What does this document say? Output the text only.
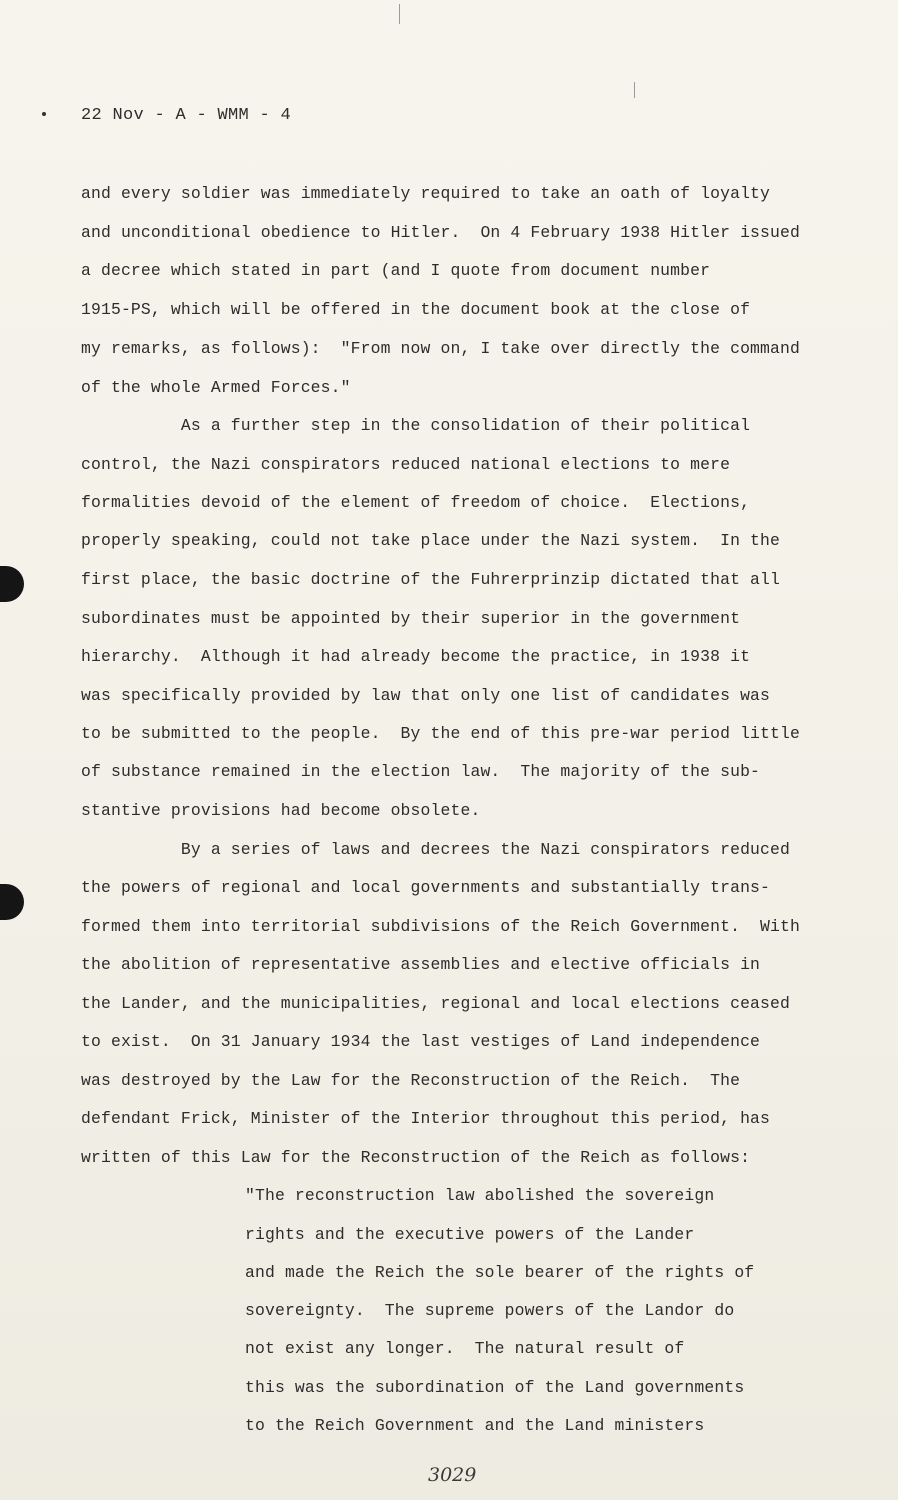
22 Nov - A - WMM - 4
and every soldier was immediately required to take an oath of loyalty
and unconditional obedience to Hitler.  On 4 February 1938 Hitler issued
a decree which stated in part (and I quote from document number
1915-PS, which will be offered in the document book at the close of
my remarks, as follows):  "From now on, I take over directly the command
of the whole Armed Forces."
As a further step in the consolidation of their political
control, the Nazi conspirators reduced national elections to mere
formalities devoid of the element of freedom of choice.  Elections,
properly speaking, could not take place under the Nazi system.  In the
first place, the basic doctrine of the Fuhrerprinzip dictated that all
subordinates must be appointed by their superior in the government
hierarchy.  Although it had already become the practice, in 1938 it
was specifically provided by law that only one list of candidates was
to be submitted to the people.  By the end of this pre-war period little
of substance remained in the election law.  The majority of the sub-
stantive provisions had become obsolete.
By a series of laws and decrees the Nazi conspirators reduced
the powers of regional and local governments and substantially trans-
formed them into territorial subdivisions of the Reich Government.  With
the abolition of representative assemblies and elective officials in
the Lander, and the municipalities, regional and local elections ceased
to exist.  On 31 January 1934 the last vestiges of Land independence
was destroyed by the Law for the Reconstruction of the Reich.  The
defendant Frick, Minister of the Interior throughout this period, has
written of this Law for the Reconstruction of the Reich as follows:
"The reconstruction law abolished the sovereign
rights and the executive powers of the Lander
and made the Reich the sole bearer of the rights of
sovereignty.  The supreme powers of the Landor do
not exist any longer.  The natural result of
this was the subordination of the Land governments
to the Reich Government and the Land ministers
3029
